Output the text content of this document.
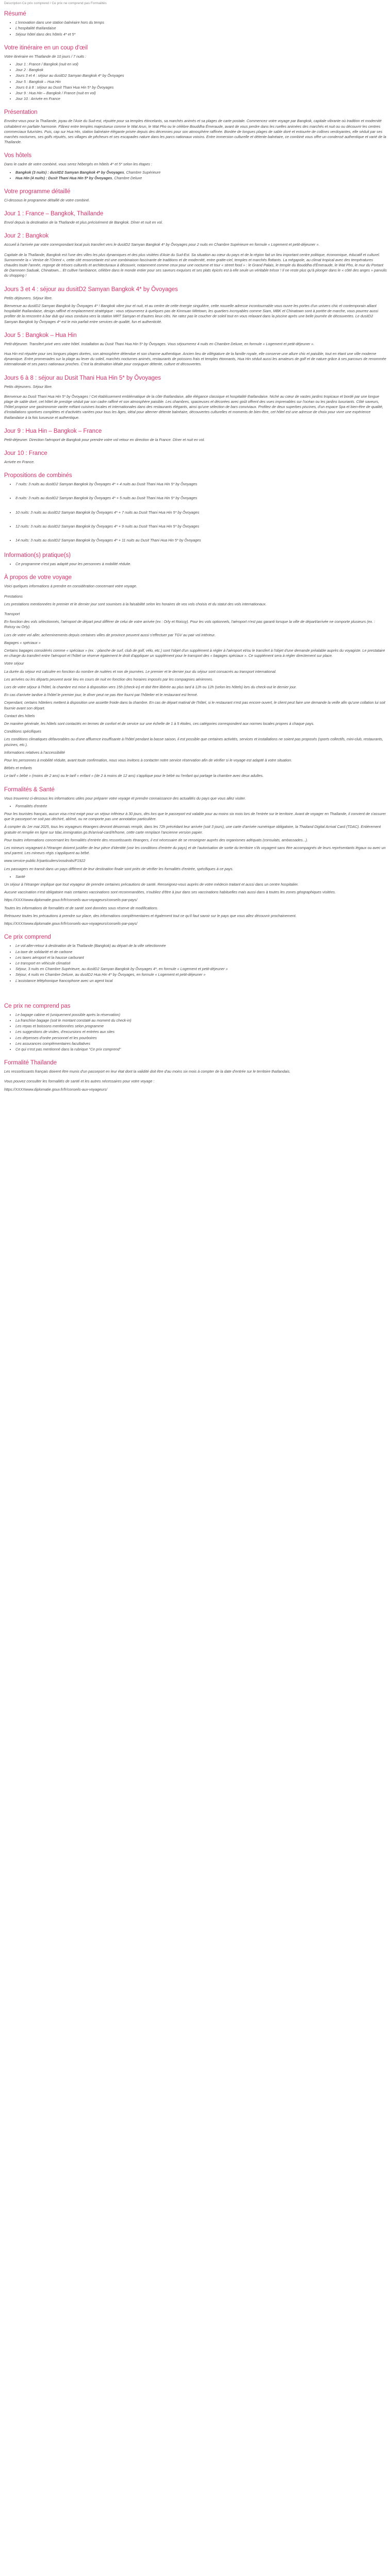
Description Ce prix comprend / Ce prix ne comprend pas Formalités

Résumé
• L'innovation dans une station balnéaire hors du temps
• L'hospitalité thaïlandaise
• Séjour hôtel dans des hôtels 4* et 5*
Votre itinéraire en un coup d'œil

Votre itinéraire en Thaïlande de 10 jours / 7 nuits :

• Jour 1 : France / Bangkok (nuit en vol)
• Jour 2 : Bangkok
• Jours 3 et 4 : séjour au dusitD2 Samyan Bangkok 4* by Ôvoyages
• Jour 5 : Bangkok – Hua Hin
• Jours 6 à 8 : séjour au Dusit Thani Hua Hin 5* by Ôvoyages
• Jour 9 : Hua Hin – Bangkok / France (nuit en vol)
• Jour 10 : Arrivée en France
Présentation

Envolez-vous pour la Thaïlande, joyau de l'Asie du Sud-est, réputée pour sa temples étincelants, sa marchés animés et sa plages de carte postale. Commencez votre voyage par Bangkok, capitale vibrante où tradition et modernité cohabitent en parfaite harmonie. Flânez entre temples majestueux comme le Wat Arun, le Wat Pho ou le célèbre Bouddha Émeraude, avant de vous perdre dans les ruelles animées des marchés et nuit ou ou découvrir les centres commerciaux futuristes. Puis, cap sur Hua Hin, station balnéaire élégante prisée depuis des décennies pour son atmosphère raffinée. Bordée de longues plages de sable doré et entourée de collines verdoyantes, elle séduit par ses marchés nocturnes, ses golfs réputés, ses villages de pêcheurs et ses escapades nature dans les parcs nationaux voisins. Entre immersion culturelle et détente balnéaire, ce combiné vous offre un condensé authentique et varié de la Thaïlande.

Vos hôtels

Dans le cadre de votre combiné, vous serez hébergés en hôtels 4* et 5* selon les étapes :

• Bangkok (3 nuits) : dusitD2 Samyan Bangkok 4* by Ôvoyages, Chambre Supérieure
• Hua Hin (4 nuits) : Dusit Thani Hua Hin 5* by Ôvoyages, Chambre Deluxe
Votre programme détaillé

Ci-dessous le programme détaillé de votre combiné.

Jour 1 : France – Bangkok, Thaïlande

Envol depuis la destination de la Thaïlande et plus précisément de Bangkok. Dîner et nuit en vol.

Jour 2 : Bangkok

Accueil à l'arrivée par votre correspondant local puis transfert vers le dusitD2 Samyan Bangkok 4* by Ôvoyages pour 2 nuits en Chambre Supérieure en formule « Logement et petit-déjeuner ».

Capitale de la Thaïlande, Bangkok est l'une des villes les plus dynamiques et des plus visitées d'Asie du Sud-Est. Sa situation au cœur du pays et de la région fait un lieu important centre politique, économique, éducatif et culturel. Surnommée la « Venise de l'Orient », cette cité ensorcelante est une combinaison fascinante de traditions et de modernité, entre gratte-ciel, temples et marchés flottants. La mégapole, au climat tropical avec des températures chaudes toute l'année, regorge de trésors culturels et architecturaux à découvrir, notamment comme ceux pour une nocturne et tour « street food » : le Grand Palais, le temple du Bouddha d'Émeraude, le Wat Pho, le mur du Portant de Damnoen Saduak, Chinatown... Et cultive l'ambiance, célèbre dans le monde entier pour ses saveurs exquises et ses plats épicés est à elle seule un véritable trésor ! Il ne reste plus qu'à plonger dans le « côté des anges » parvulis du shopping !

Jours 3 et 4 : séjour au dusitD2 Samyan Bangkok 4* by Ôvoyages

Petits déjeuners. Séjour libre.

Bienvenue au dusitD2 Samyan Bangkok by Ôvoyages 4* ! Bangkok vibre jour et nuit, et au centre de cette énergie singulière, cette nouvelle adresse incontournable vous ouvre les portes d'un univers chic et contemporain alliant hospitalité thaïlandaise, design raffiné et emplacement stratégique : vous séjournerez à quelques pas de Kinmuan Mitrtown, les quartiers incroyables comme Siam, MBK et Chinatown sont à portée de marche, vous pourrez aussi profiter de la rencontre à bar dub qui vous conduira vers la station MRT Samyan et d'autres lieux clés. Ne ratez pas le coucher de soleil tout en vous relaxant dans la piscine après une belle journée de découvertes. Le dusitD2 Samyan Bangkok by Ôvoyages 4* est le mix parfait entre services de qualité, fun et authenticité.

Jour 5 : Bangkok – Hua Hin

Petit-déjeuner. Transfert privé vers votre hôtel. Installation au Dusit Thani Hua Hin 5* by Ôvoyages. Vous séjournerez 4 nuits en Chambre Deluxe, en formule « Logement et petit-déjeuner ».

Hua Hin est réputée pour ses longues plages dorées, son atmosphère détendue et son charme authentique. Ancien lieu de villégiature de la famille royale, elle conserve une allure chic et paisible, tout en étant une ville moderne dynamique. Entre promenades sur la plage au lever du soleil, marchés nocturnes animés, restaurants de poissons frais et temples étonnants, Hua Hin séduit aussi les amateurs de golf et de nature grâce à ses parcours de renommée internationale et ses parcs nationaux proches. C'est la destination idéale pour conjuguer détente, culture et découvertes.

Jours 6 à 8 : séjour au Dusit Thani Hua Hin 5* by Ôvoyages

Petits déjeuners. Séjour libre.

Bienvenue au Dusit Thani Hua Hin 5* by Ôvoyages ! Cet établissement emblématique de la côte thaïlandaise, allie élégance classique et hospitalité thaïlandaise. Niché au cœur de vastes jardins tropicaux et bordé par une longue plage de sable doré, cet hôtel de prestige séduit par son cadre raffiné et son atmosphère paisible. Les chambres, spacieuses et décorées avec goût offrent des vues imprenables sur l'océan ou les jardins luxuriants. Côté saveurs, l'hôtel propose une gastronomie variée mêlant cuisines locales et internationales dans des restaurants élégants, ainsi qu'une sélection de bars conviviaux. Profitez de deux superbes piscines, d'un espace Spa et bien-être de qualité, d'installations sportives complètes et d'activités variées pour tous les âges, idéal pour alterner détente balnéaire, découvertes culturelles et moments de bien-être, cet hôtel est une adresse de choix pour vivre une expérience thaïlandaise à la fois luxueuse et authentique.

Jour 9 : Hua Hin – Bangkok – France

Petit-déjeuner. Direction l'aéroport de Bangkok pour prendre votre vol retour en direction de la France. Dîner et nuit en vol.

Jour 10 : France

Arrivée en France.

Propositions de combinés
• 7 nuits: 3 nuits au dusitD2 Samyan Bangkok by Ôvoyages 4* + 4 nuits au Dusit Thani Hua Hin 5* by Ôvoyages
• 8 nuits: 3 nuits au dusitD2 Samyan Bangkok by Ôvoyages 4* + 5 nuits au Dusit Thani Hua Hin 5* by Ôvoyages
• 10 nuits: 3 nuits au dusitD2 Samyan Bangkok by Ôvoyages 4* + 7 nuits au Dusit Thani Hua Hin 5* by Ôvoyages
• 12 nuits: 3 nuits au dusitD2 Samyan Bangkok by Ôvoyages 4* + 9 nuits au Dusit Thani Hua Hin 5* by Ôvoyages
• 14 nuits: 3 nuits au dusitD2 Samyan Bangkok by Ôvoyages 4* + 11 nuits au Dusit Thani Hua Hin 5* by Ôvoyages
Information(s) pratique(s)
• Ce programme n'est pas adapté pour les personnes à mobilité réduite.
À propos de votre voyage

Voici quelques informations à prendre en considération concernant votre voyage.

Prestations

Les prestations mentionnées le premier et le dernier jour sont soumises à la faisabilité selon les horaires de vos vols choisis et du statut des vols internationaux.

Transport

En fonction des vols sélectionnés, l'aéroport de départ peut différer de celui de votre arrivée (ex : Orly et Roissy). Pour les vols optionnels, l'aéroport n'est pas garanti lorsque la ville de départ/arrivée ne comporte plusieurs (ex. : Roissy ou Orly).

Lors de votre vol aller, acheminements depuis certaines villes de province peuvent aussi s'effectuer par TGV au pair vol intérieur.

Bagages « spéciaux »

Certains bagages considérés comme « spéciaux » (ex. : planche de surf, club de golf, vélo, etc.) sont l'objet d'un supplément à régler à l'aéroport et/ou le transfert à l'objet d'une demande préalable auprès du voyagiste. Le prestataire en charge du transfert entre l'aéroport et l'hôtel se réserve également le droit d'appliquer un supplément pour le transport des « bagages spéciaux ». Ce supplément sera à régler directement sur place.

Votre séjour

La durée du séjour est calculée en fonction du nombre de nuitées et non de journées. Le premier et le dernier jour du séjour sont consacrés au transport international.

Les arrivées ou les départs peuvent avoir lieu en cours de nuit en fonction des horaires imposés par les compagnies aériennes.

Lors de votre séjour à l'hôtel, la chambre est mise à disposition vers 15h (check-in) et doit être libérée au plus tard à 12h ou 12h (selon les hôtels) lors du check-out le dernier jour.

En cas d'arrivée tardive à l'hôtel le premier jour, le dîner peut ne pas être fourni par l'hôtelier et le restaurant est fermé.

Cependant, certains hôteliers mettent à disposition une assiette froide dans la chambre. En cas de départ matinal de l'hôtel, si le restaurant n'est pas encore ouvert, le client peut faire une demande la veille afin qu'une collation lui soit fournie avant son départ.

Contact des hôtels

De manière générale, les hôtels sont contactés en termes de confort et de service sur une échelle de 1 à 5 étoiles, ces catégories correspondent aux normes locales propres à chaque pays.

Conditions spécifiques

Les conditions climatiques défavorables ou d'une affluence insuffisante à l'hôtel pendant la basse saison, il est possible que certaines activités, services et installations ne soient pas proposés (sports collectifs, mini-club, restaurants, piscines, etc.).

Informations relatives à l'accessibilité

Pour les personnes à mobilité réduite, avant toute confirmation, nous vous invitons à contacter notre service réservation afin de vérifier si le voyage est adapté à votre situation.

Bébés et enfants

Le tarif « bébé » (moins de 2 ans) ou le tarif « enfant » (de 2 à moins de 12 ans) s'applique pour le bébé ou l'enfant qui partage la chambre avec deux adultes.

Formalités & Santé

Vous trouverez ci-dessous les informations utiles pour préparer votre voyage et prendre connaissance des actualités du pays que vous allez visiter.

• Formalités d'entrée

Pour les touristes français, aucun visa n'est exigé pour un séjour inférieur à 30 jours, dès lors que le passeport est valable pour au moins six mois lors de l'entrée sur le territoire. Avant de voyager en Thaïlande, il convient de s'assurer que le passeport ne soit pas déchiré, abîmé, ou ne comporte pas une annotation particulière.

À compter du 1er mai 2025, tous les voyageurs étrangers devront désormais remplir, dans les 72h précédant leur arrivée (soit 3 jours), une carte d'arrivée numérique obligatoire, la Thailand Digital Arrival Card (TDAC). Entièrement gratuite et remplie en ligne sur tdac.immigration.go.th/arrival-card/#/home, cette carte remplace l'ancienne version papier.

Pour toutes informations concernant les formalités d'entrée des ressortissants étrangers, il est nécessaire de se renseigner auprès des organismes adéquats (consulats, ambassades...).

Les mineurs voyageant à l'étranger doivent justifier de leur pièce d'identité (voir les conditions d'entrée du pays) et de l'autorisation de sortie du territoire s'ils voyagent sans être accompagnés de leurs représentants légaux ou avec un seul parent. Les mineurs régis s'appliquent au bébé.

www.service-public.fr/particuliers/vosdroits/F1922

Les passagers en transit dans un pays différent de leur destination finale sont priés de vérifier les formalités d'entrée, spécifiques à ce pays.

• Santé

Un séjour à l'étranger implique que tout voyageur de prendre certaines précautions de santé. Renseignez-vous auprès de votre médecin traitant et aussi dans un centre hospitalier.

Aucune vaccination n'est obligatoire mais certaines vaccinations sont recommandées, n'oubliez d'être à jour dans ses vaccinations habituelles mais aussi dans à toutes les zones géographiques visitées.

https://XXXXwww.diplomatie.gouv.fr/fr/conseils-aux-voyageurs/conseils-par-pays/

Toutes les informations de formalités et de santé sont données sous réserve de modifications.

Retrouvez toutes les précautions à prendre sur place, des informations complémentaires et également tout ce qu'il faut savoir sur le pays que vous allez découvrir prochainement.

https://XXXXwww.diplomatie.gouv.fr/fr/conseils-aux-voyageurs/conseils-par-pays/

Ce prix comprend
• Le vol aller-retour à destination de la Thaïlande (Bangkok) au départ de la ville sélectionnée
• La taxe de solidarité et de carbone
• Les taxes aéroport et la hausse carburant
• Le transport en véhicule climatisé
• Séjour, 3 nuits en Chambre Supérieure, au dusitD2 Samyan Bangkok by Ôvoyages 4*, en formule « Logement et petit-déjeuner »
• Séjour, 4 nuits en Chambre Deluxe, au dusitD2 Hua Hin 4* by Ôvoyages, en formule « Logement et petit-déjeuner »
• L'assistance téléphonique francophone avec un agent local
Ce prix ne comprend pas
• Le bagage cabine et (uniquement possible après la réservation)
• La franchise bagage (soit le montant constaté au moment du check-in)
• Les repas et boissons mentionnées selon programme
• Les suggestions de visites, d'excursions et entrées aux sites
• Les dépenses d'ordre personnel et les pourboires
• Les assurances complémentaires facultatives
• Ce qui n'est pas mentionné dans la rubrique "Ce prix comprend"
Formalité Thaïlande

Les ressortissants français doivent être munis d'un passeport en leur état dont la validité doit être d'au moins six mois à compter de la date d'entrée sur le territoire thaïlandais.

Vous pouvez consulter les formalités de santé et les autres nécessaires pour votre voyage :

https://XXXXwww.diplomatie.gouv.fr/fr/conseils-aux-voyageurs/
